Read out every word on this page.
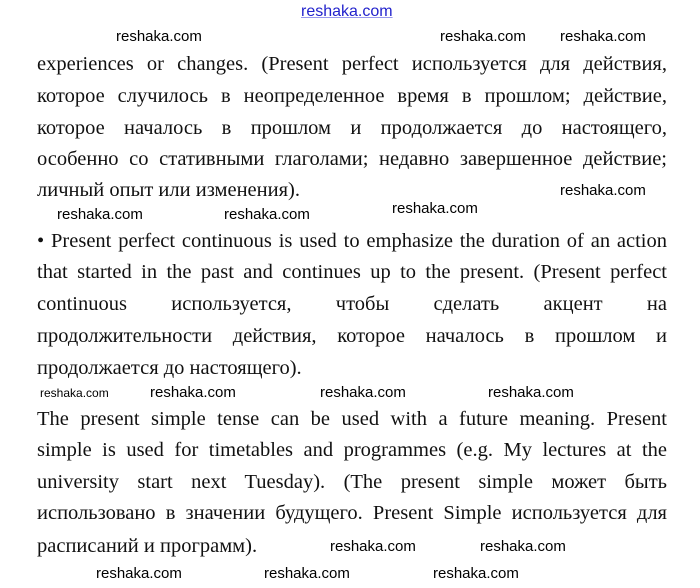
reshaka.com
experiences or changes. (Present perfect используется для действия,
которое случилось в неопределенное время в прошлом; действие,
которое началось в прошлом и продолжается до настоящего,
особенно со стативными глаголами; недавно завершенное действие;
личный опыт или изменения).
• Present perfect continuous is used to emphasize the duration of an action
that started in the past and continues up to the present. (Present perfect
continuous используется, чтобы сделать акцент на
продолжительности действия, которое началось в прошлом и
продолжается до настоящего).
The present simple tense can be used with a future meaning. Present
simple is used for timetables and programmes (e.g. My lectures at the
university start next Tuesday). (The present simple может быть
использовано в значении будущего. Present Simple используется для
расписаний и программ).
reshaka.com	reshaka.com reshaka.com
reshaka.com
reshaka.com
reshaka.com	reshaka.com
reshaka.com
reshaka.com	reshaka.com
reshaka.com
reshaka.com	reshaka.com
reshaka.com
reshaka.com	reshaka.com
